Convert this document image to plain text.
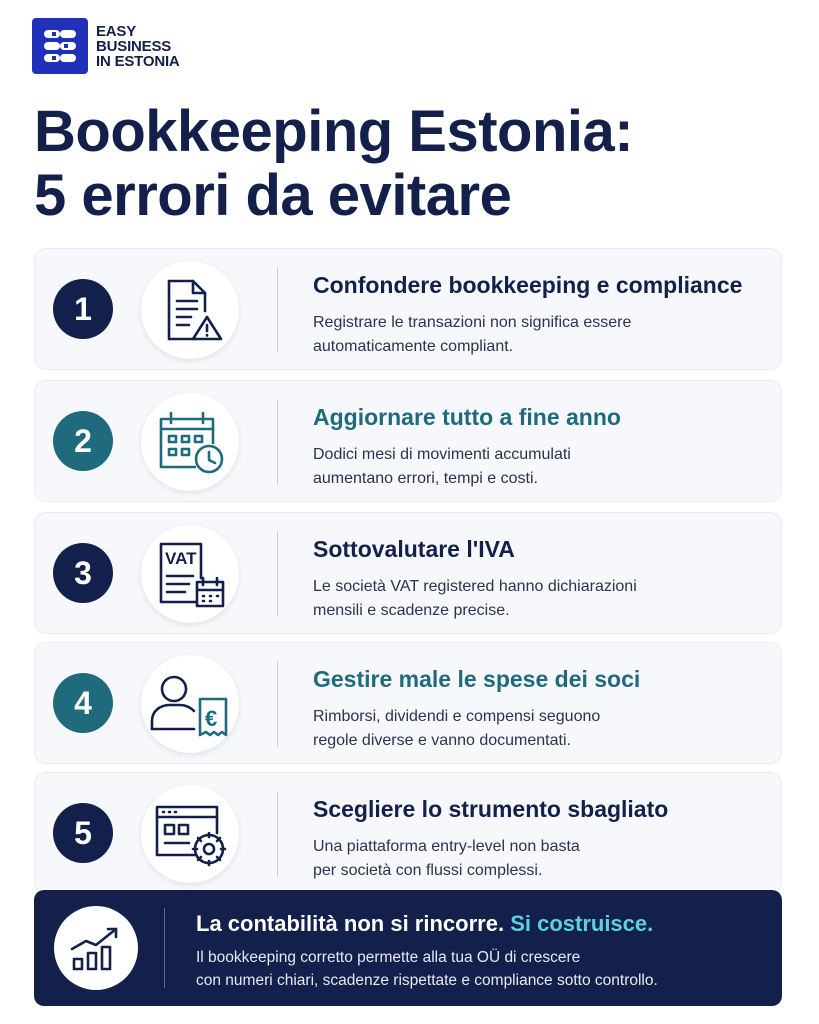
EASY
BUSINESS
IN ESTONIA
Bookkeeping Estonia:
5 errori da evitare
1
Confondere bookkeeping e compliance
Registrare le transazioni non significa essere
automaticamente compliant.
2
Aggiornare tutto a fine anno
Dodici mesi di movimenti accumulati
aumentano errori, tempi e costi.
3	VAT	Sottovalutare l'IVA
Le società VAT registered hanno dichiarazioni
mensili e scadenze precise.
4	€
Gestire male le spese dei soci
Rimborsi, dividendi e compensi seguono
regole diverse e vanno documentati.
5
Scegliere lo strumento sbagliato
Una piattaforma entry-level non basta
per società con flussi complessi.
La contabilità non si rincorre. Si costruisce.
Il bookkeeping corretto permette alla tua OÜ di crescere
con numeri chiari, scadenze rispettate e compliance sotto controllo.
